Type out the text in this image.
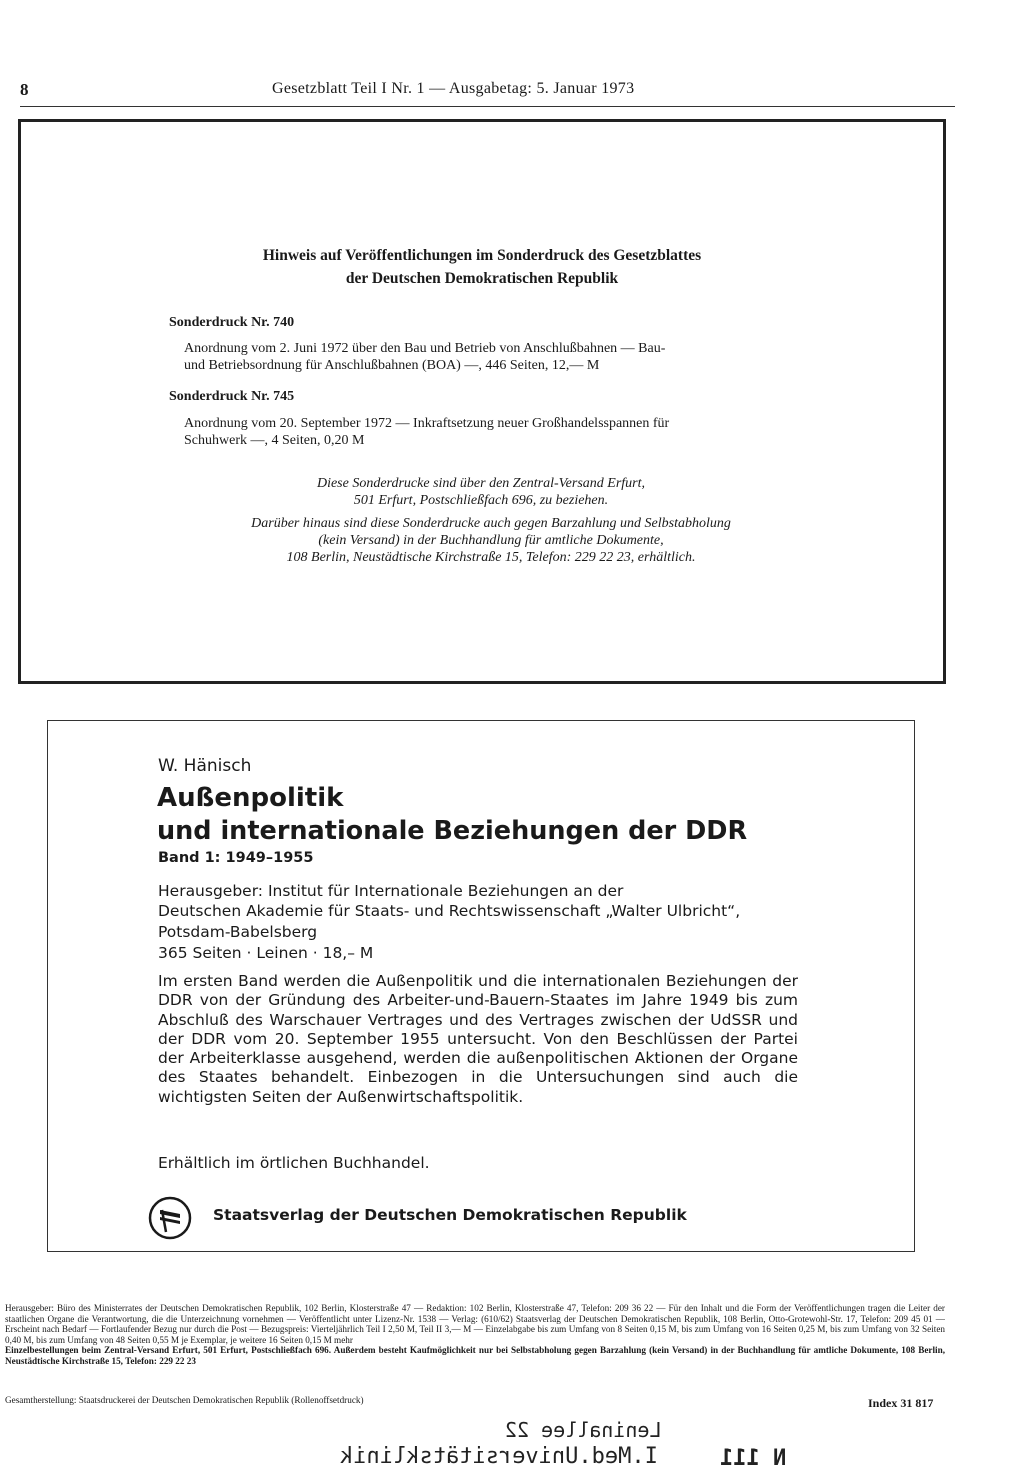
8	Gesetzblatt Teil I Nr. 1 — Ausgabetag: 5. Januar 1973
Hinweis auf Veröffentlichungen im Sonderdruck des Gesetzblattes
der Deutschen Demokratischen Republik
Sonderdruck Nr. 740
Anordnung vom 2. Juni 1972 über den Bau und Betrieb von Anschlußbahnen — Bau-
und Betriebsordnung für Anschlußbahnen (BOA) —, 446 Seiten, 12,— M
Sonderdruck Nr. 745
Anordnung vom 20. September 1972 — Inkraftsetzung neuer Großhandelsspannen für
Schuhwerk —, 4 Seiten, 0,20 M
Diese Sonderdrucke sind über den Zentral-Versand Erfurt,
501 Erfurt, Postschließfach 696, zu beziehen.
Darüber hinaus sind diese Sonderdrucke auch gegen Barzahlung und Selbstabholung
(kein Versand) in der Buchhandlung für amtliche Dokumente,
108 Berlin, Neustädtische Kirchstraße 15, Telefon: 229 22 23, erhältlich.
W. Hänisch
Außenpolitik
und internationale Beziehungen der DDR
Band 1: 1949–1955
Herausgeber: Institut für Internationale Beziehungen an der
Deutschen Akademie für Staats- und Rechtswissenschaft „Walter Ulbricht“,
Potsdam-Babelsberg
365 Seiten · Leinen · 18,– M
Im ersten Band werden die Außenpolitik und die internationalen Beziehungen der DDR von der Gründung des Arbeiter-und-Bauern-Staates im Jahre 1949 bis zum Abschluß des Warschauer Vertrages und des Vertrages zwischen der UdSSR und der DDR vom 20. September 1955 untersucht. Von den Beschlüssen der Partei der Arbeiterklasse ausgehend, werden die außenpolitischen Aktionen der Organe des Staates behandelt. Einbezogen in die Untersuchungen sind auch die wichtigsten Seiten der Außenwirtschaftspolitik.
Erhältlich im örtlichen Buchhandel.
Staatsverlag der Deutschen Demokratischen Republik
Herausgeber: Büro des Ministerrates der Deutschen Demokratischen Republik, 102 Berlin, Klosterstraße 47 — Redaktion: 102 Berlin, Klosterstraße 47, Telefon: 209 36 22 — Für den Inhalt und die Form der Veröffentlichungen tragen die Leiter der staatlichen Organe die Verantwortung, die die Unterzeichnung vornehmen — Veröffentlicht unter Lizenz-Nr. 1538 — Verlag: (610/62) Staatsverlag der Deutschen Demokratischen Republik, 108 Berlin, Otto-Grotewohl-Str. 17, Telefon: 209 45 01 — Erscheint nach Bedarf — Fortlaufender Bezug nur durch die Post — Bezugspreis: Vierteljährlich Teil I 2,50 M, Teil II 3,— M — Einzelabgabe bis zum Umfang von 8 Seiten 0,15 M, bis zum Umfang von 16 Seiten 0,25 M, bis zum Umfang von 32 Seiten 0,40 M, bis zum Umfang von 48 Seiten 0,55 M je Exemplar, je weitere 16 Seiten 0,15 M mehr
Einzelbestellungen beim Zentral-Versand Erfurt, 501 Erfurt, Postschließfach 696. Außerdem besteht Kaufmöglichkeit nur bei Selbstabholung gegen Barzahlung (kein Versand) in der Buchhandlung für amtliche Dokumente, 108 Berlin, Neustädtische Kirchstraße 15, Telefon: 229 22 23
Gesamtherstellung: Staatsdruckerei der Deutschen Demokratischen Republik (Rollenoffsetdruck)	Index 31 817
Leninallee 22
I.Med.Universitätsklinik	N 111
